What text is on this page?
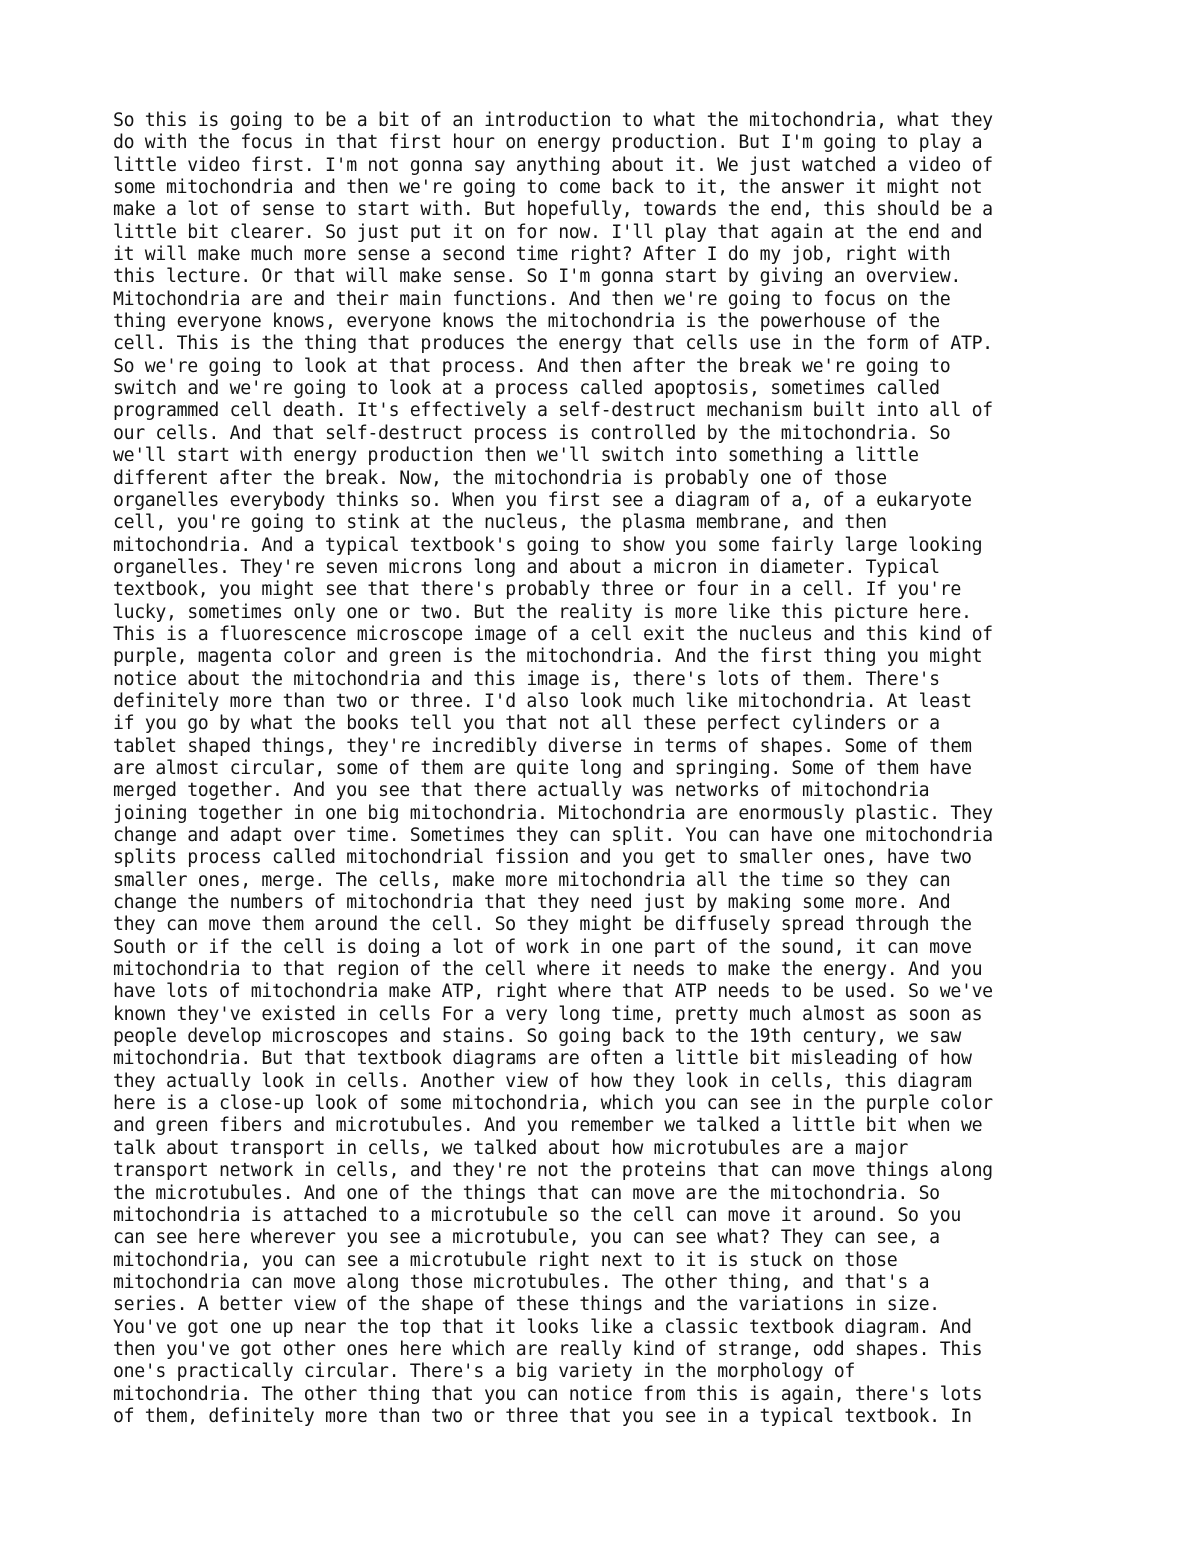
So this is going to be a bit of an introduction to what the mitochondria, what they
do with the focus in that first hour on energy production. But I'm going to play a
little video first. I'm not gonna say anything about it. We just watched a video of
some mitochondria and then we're going to come back to it, the answer it might not
make a lot of sense to start with. But hopefully, towards the end, this should be a
little bit clearer. So just put it on for now. I'll play that again at the end and
it will make much more sense a second time right? After I do my job, right with
this lecture. Or that will make sense. So I'm gonna start by giving an overview.
Mitochondria are and their main functions. And then we're going to focus on the
thing everyone knows, everyone knows the mitochondria is the powerhouse of the
cell. This is the thing that produces the energy that cells use in the form of ATP.
So we're going to look at that process. And then after the break we're going to
switch and we're going to look at a process called apoptosis, sometimes called
programmed cell death. It's effectively a self-destruct mechanism built into all of
our cells. And that self-destruct process is controlled by the mitochondria. So
we'll start with energy production then we'll switch into something a little
different after the break. Now, the mitochondria is probably one of those
organelles everybody thinks so. When you first see a diagram of a, of a eukaryote
cell, you're going to stink at the nucleus, the plasma membrane, and then
mitochondria. And a typical textbook's going to show you some fairly large looking
organelles. They're seven microns long and about a micron in diameter. Typical
textbook, you might see that there's probably three or four in a cell. If you're
lucky, sometimes only one or two. But the reality is more like this picture here.
This is a fluorescence microscope image of a cell exit the nucleus and this kind of
purple, magenta color and green is the mitochondria. And the first thing you might
notice about the mitochondria and this image is, there's lots of them. There's
definitely more than two or three. I'd also look much like mitochondria. At least
if you go by what the books tell you that not all these perfect cylinders or a
tablet shaped things, they're incredibly diverse in terms of shapes. Some of them
are almost circular, some of them are quite long and springing. Some of them have
merged together. And you see that there actually was networks of mitochondria
joining together in one big mitochondria. Mitochondria are enormously plastic. They
change and adapt over time. Sometimes they can split. You can have one mitochondria
splits process called mitochondrial fission and you get to smaller ones, have two
smaller ones, merge. The cells, make more mitochondria all the time so they can
change the numbers of mitochondria that they need just by making some more. And
they can move them around the cell. So they might be diffusely spread through the
South or if the cell is doing a lot of work in one part of the sound, it can move
mitochondria to that region of the cell where it needs to make the energy. And you
have lots of mitochondria make ATP, right where that ATP needs to be used. So we've
known they've existed in cells For a very long time, pretty much almost as soon as
people develop microscopes and stains. So going back to the 19th century, we saw
mitochondria. But that textbook diagrams are often a little bit misleading of how
they actually look in cells. Another view of how they look in cells, this diagram
here is a close-up look of some mitochondria, which you can see in the purple color
and green fibers and microtubules. And you remember we talked a little bit when we
talk about transport in cells, we talked about how microtubules are a major
transport network in cells, and they're not the proteins that can move things along
the microtubules. And one of the things that can move are the mitochondria. So
mitochondria is attached to a microtubule so the cell can move it around. So you
can see here wherever you see a microtubule, you can see what? They can see, a
mitochondria, you can see a microtubule right next to it is stuck on those
mitochondria can move along those microtubules. The other thing, and that's a
series. A better view of the shape of these things and the variations in size.
You've got one up near the top that it looks like a classic textbook diagram. And
then you've got other ones here which are really kind of strange, odd shapes. This
one's practically circular. There's a big variety in the morphology of
mitochondria. The other thing that you can notice from this is again, there's lots
of them, definitely more than two or three that you see in a typical textbook. In
